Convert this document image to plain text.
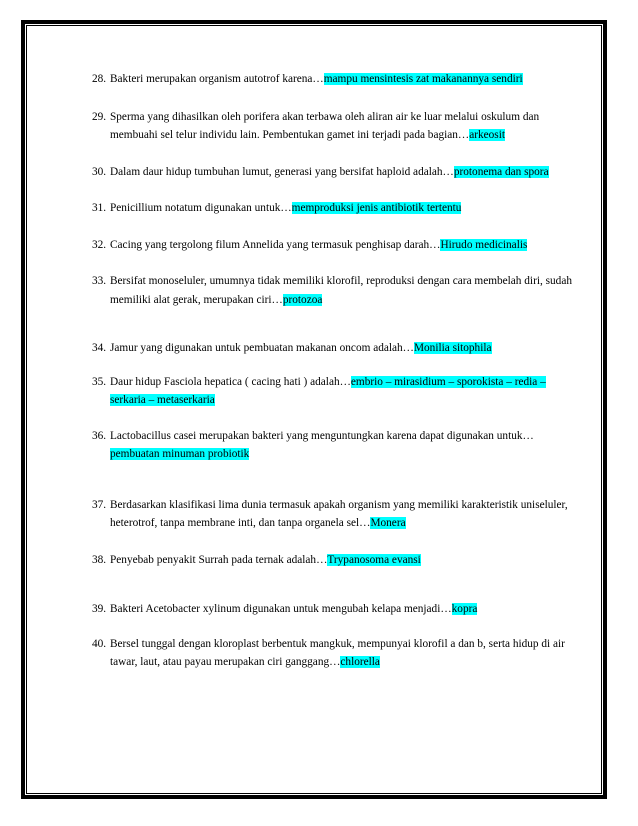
28. Bakteri merupakan organism autotrof karena…mampu mensintesis zat makanannya sendiri

29. Sperma yang dihasilkan oleh porifera akan terbawa oleh aliran air ke luar melalui oskulum dan membuahi sel telur individu lain. Pembentukan gamet ini terjadi pada bagian…arkeosit

30. Dalam daur hidup tumbuhan lumut, generasi yang bersifat haploid adalah…protonema dan spora

31. Penicillium notatum digunakan untuk…memproduksi jenis antibiotik tertentu

32. Cacing yang tergolong filum Annelida yang termasuk penghisap darah…Hirudo medicinalis

33. Bersifat monoseluler, umumnya tidak memiliki klorofil, reproduksi dengan cara membelah diri, sudah memiliki alat gerak, merupakan ciri…protozoa

34. Jamur yang digunakan untuk pembuatan makanan oncom adalah…Monilia sitophila

35. Daur hidup Fasciola hepatica ( cacing hati ) adalah…embrio – mirasidium – sporokista – redia – serkaria – metaserkaria

36. Lactobacillus casei merupakan bakteri yang menguntungkan karena dapat digunakan untuk…pembuatan minuman probiotik

37. Berdasarkan klasifikasi lima dunia termasuk apakah organism yang memiliki karakteristik uniseluler, heterotrof, tanpa membrane inti, dan tanpa organela sel…Monera

38. Penyebab penyakit Surrah pada ternak adalah…Trypanosoma evansi

39. Bakteri Acetobacter xylinum digunakan untuk mengubah kelapa menjadi…kopra

40. Bersel tunggal dengan kloroplast berbentuk mangkuk, mempunyai klorofil a dan b, serta hidup di air tawar, laut, atau payau merupakan ciri ganggang…chlorella
